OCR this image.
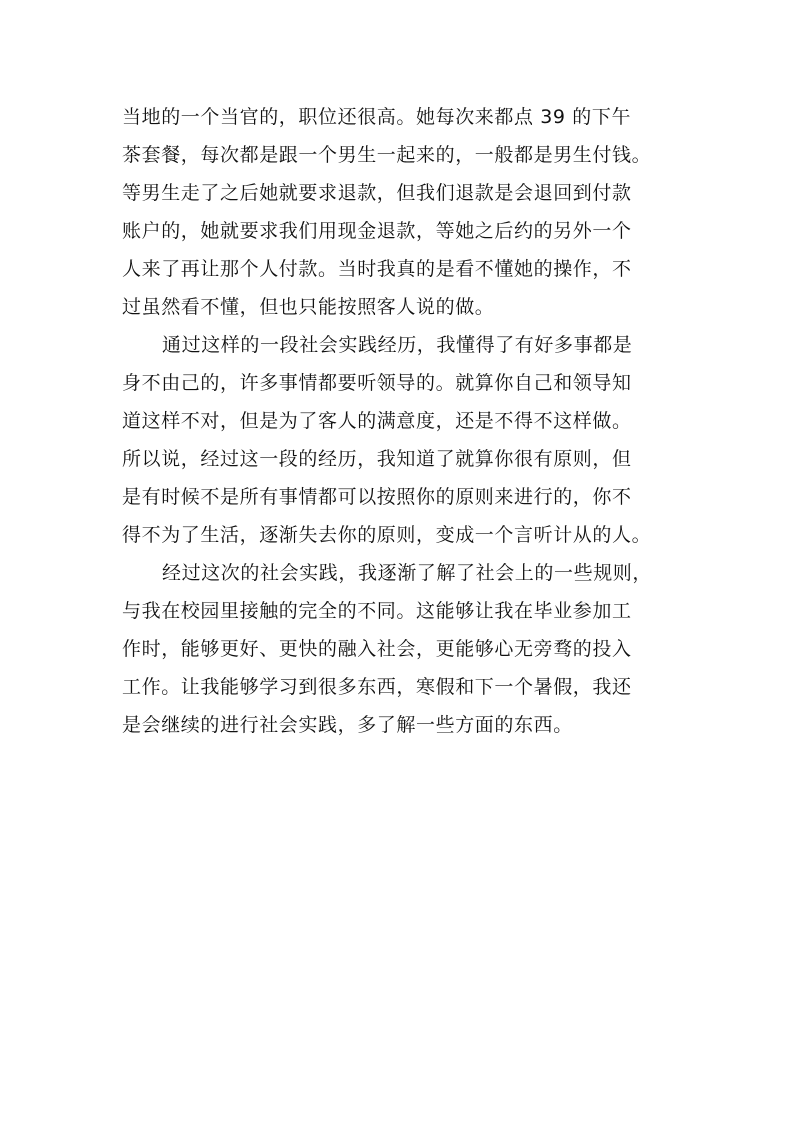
当地的一个当官的，职位还很高。她每次来都点 39 的下午
茶套餐，每次都是跟一个男生一起来的，一般都是男生付钱。
等男生走了之后她就要求退款，但我们退款是会退回到付款
账户的，她就要求我们用现金退款，等她之后约的另外一个
人来了再让那个人付款。当时我真的是看不懂她的操作，不
过虽然看不懂，但也只能按照客人说的做。
通过这样的一段社会实践经历，我懂得了有好多事都是
身不由己的，许多事情都要听领导的。就算你自己和领导知
道这样不对，但是为了客人的满意度，还是不得不这样做。
所以说，经过这一段的经历，我知道了就算你很有原则，但
是有时候不是所有事情都可以按照你的原则来进行的，你不
得不为了生活，逐渐失去你的原则，变成一个言听计从的人。
经过这次的社会实践，我逐渐了解了社会上的一些规则，
与我在校园里接触的完全的不同。这能够让我在毕业参加工
作时，能够更好、更快的融入社会，更能够心无旁骛的投入
工作。让我能够学习到很多东西，寒假和下一个暑假，我还
是会继续的进行社会实践，多了解一些方面的东西。
